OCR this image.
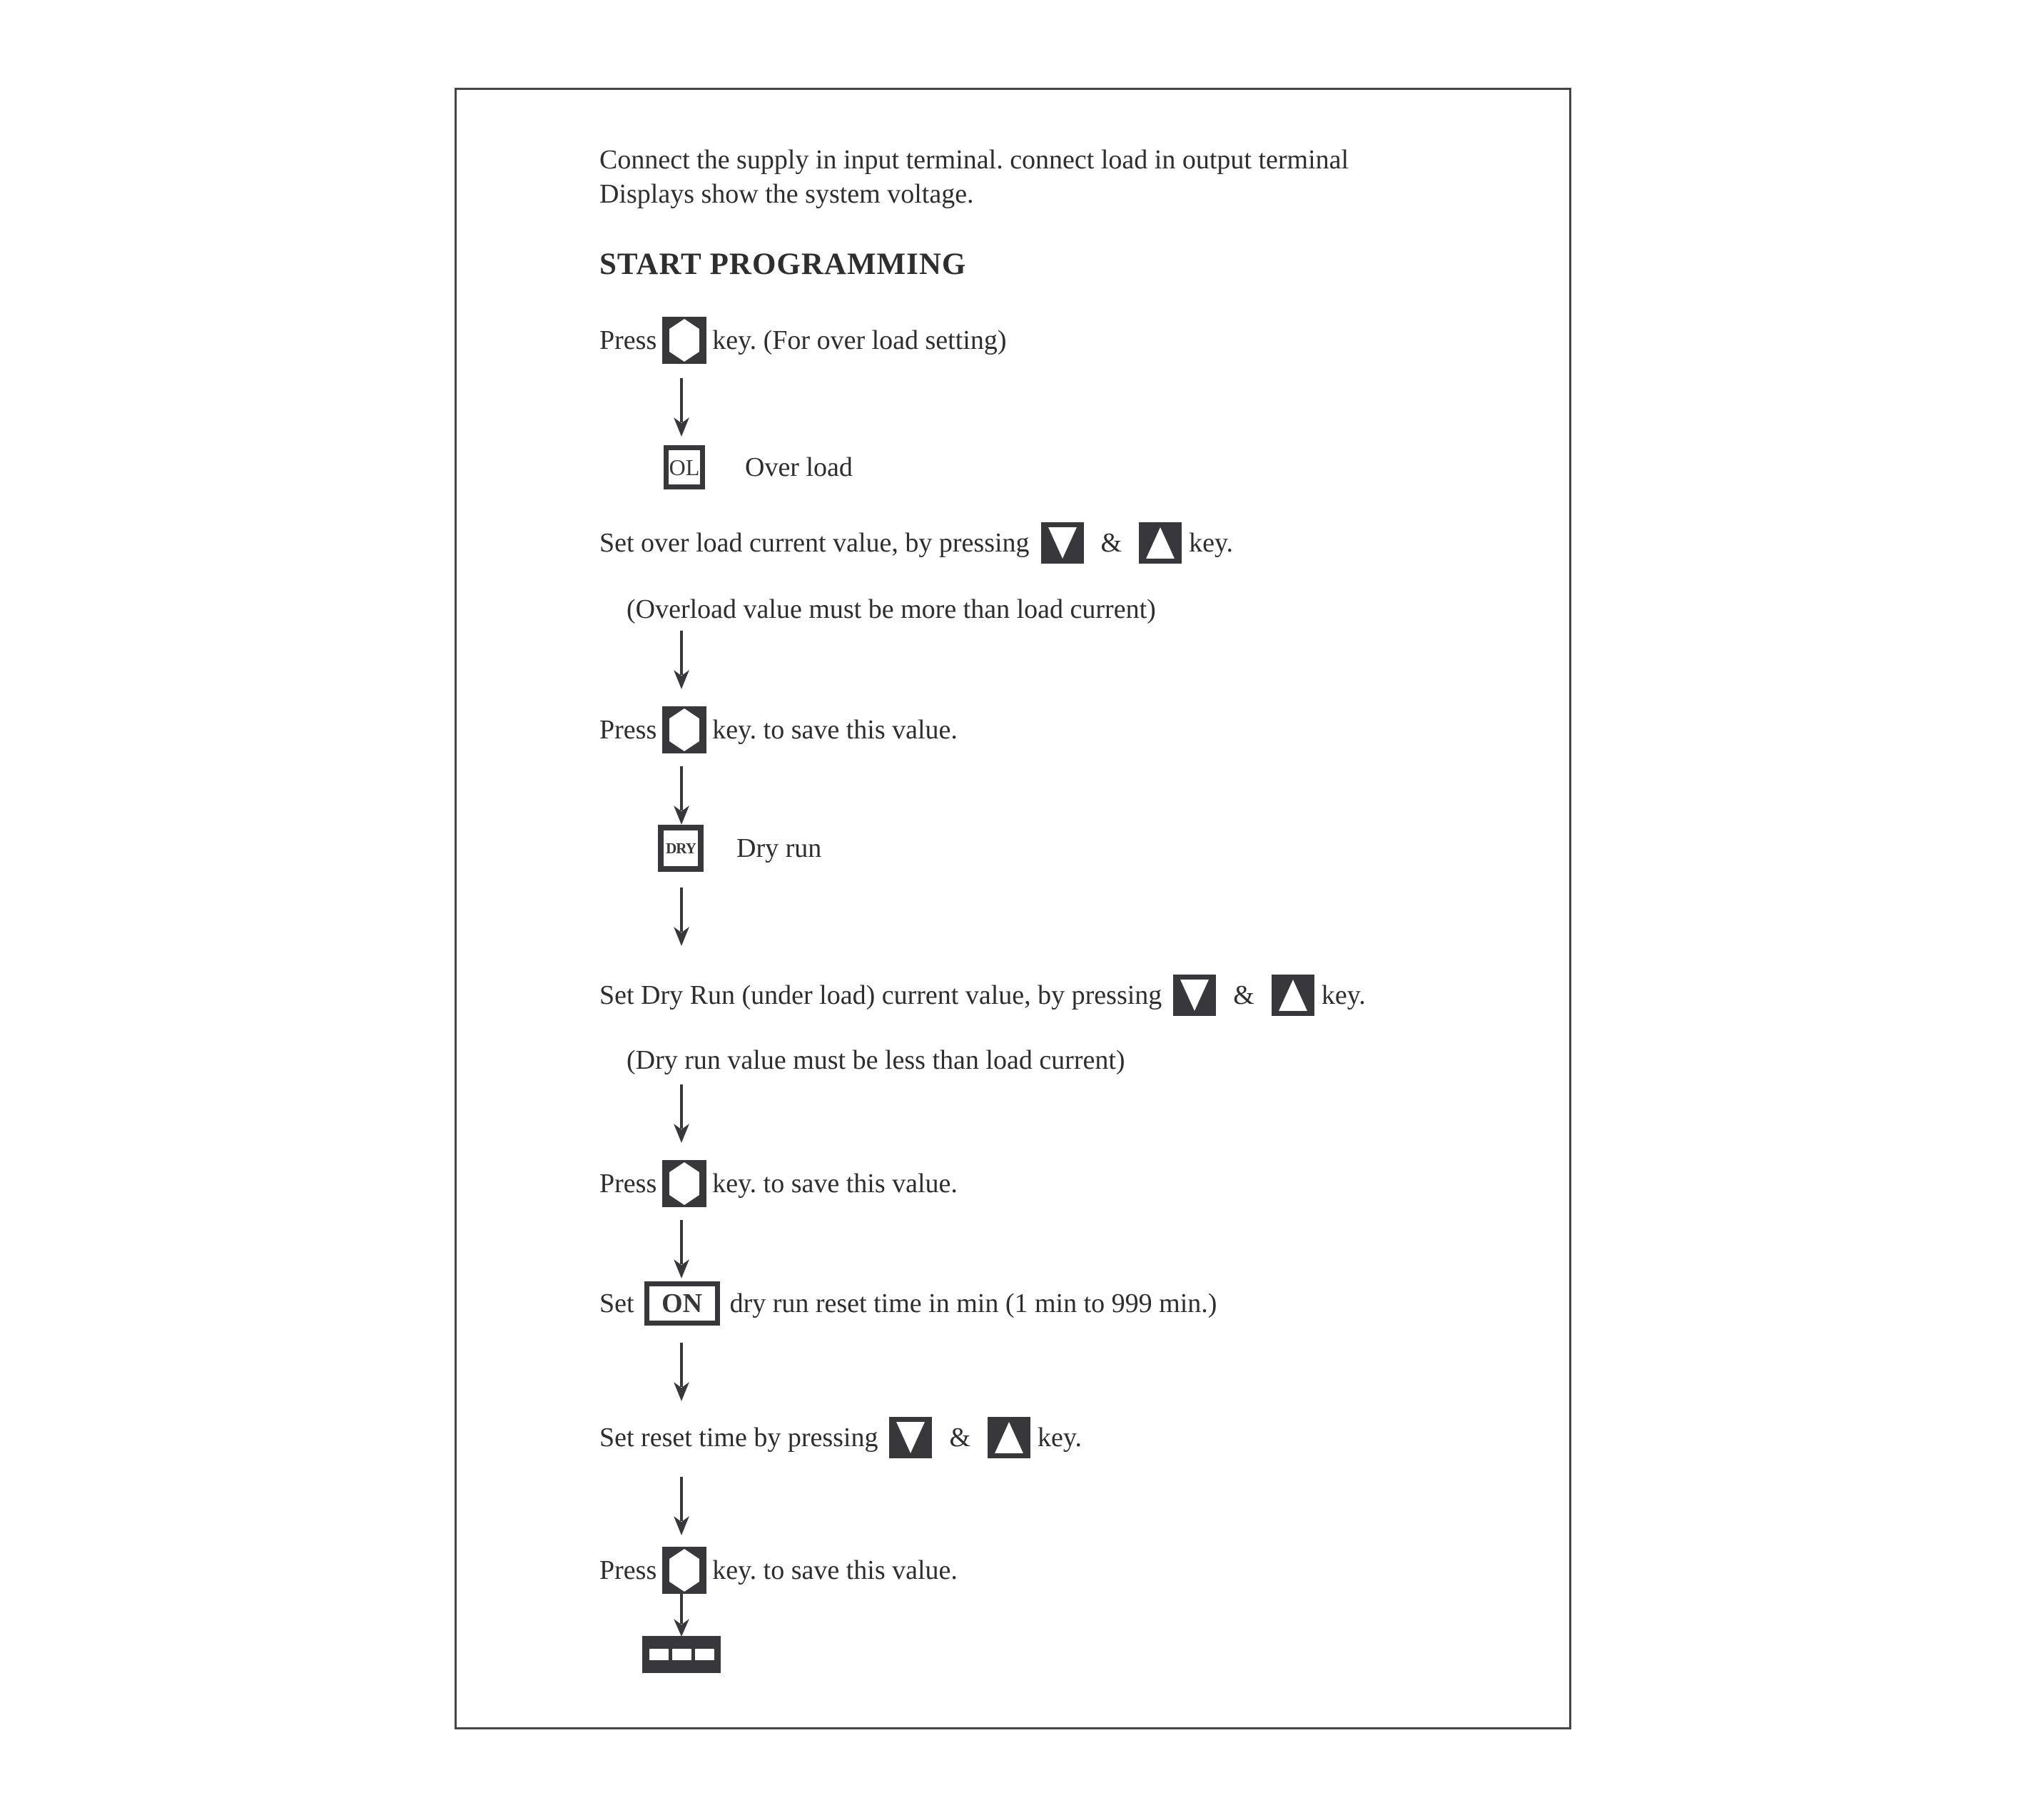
Connect the supply in input terminal. connect load in output terminal
Displays show the system voltage.
START PROGRAMMING
Press key. (For over load setting)
OL Over load
Set over load current value, by pressing	& key.
(Overload value must be more than load current)
Press key. to save this value.
DRY Dry run
Set Dry Run (under load) current value, by pressing	& key.
(Dry run value must be less than load current)
Press key. to save this value.
Set	ON	dry run reset time in min (1 min to 999 min.)
Set reset time by pressing	& key.
Press key. to save this value.
